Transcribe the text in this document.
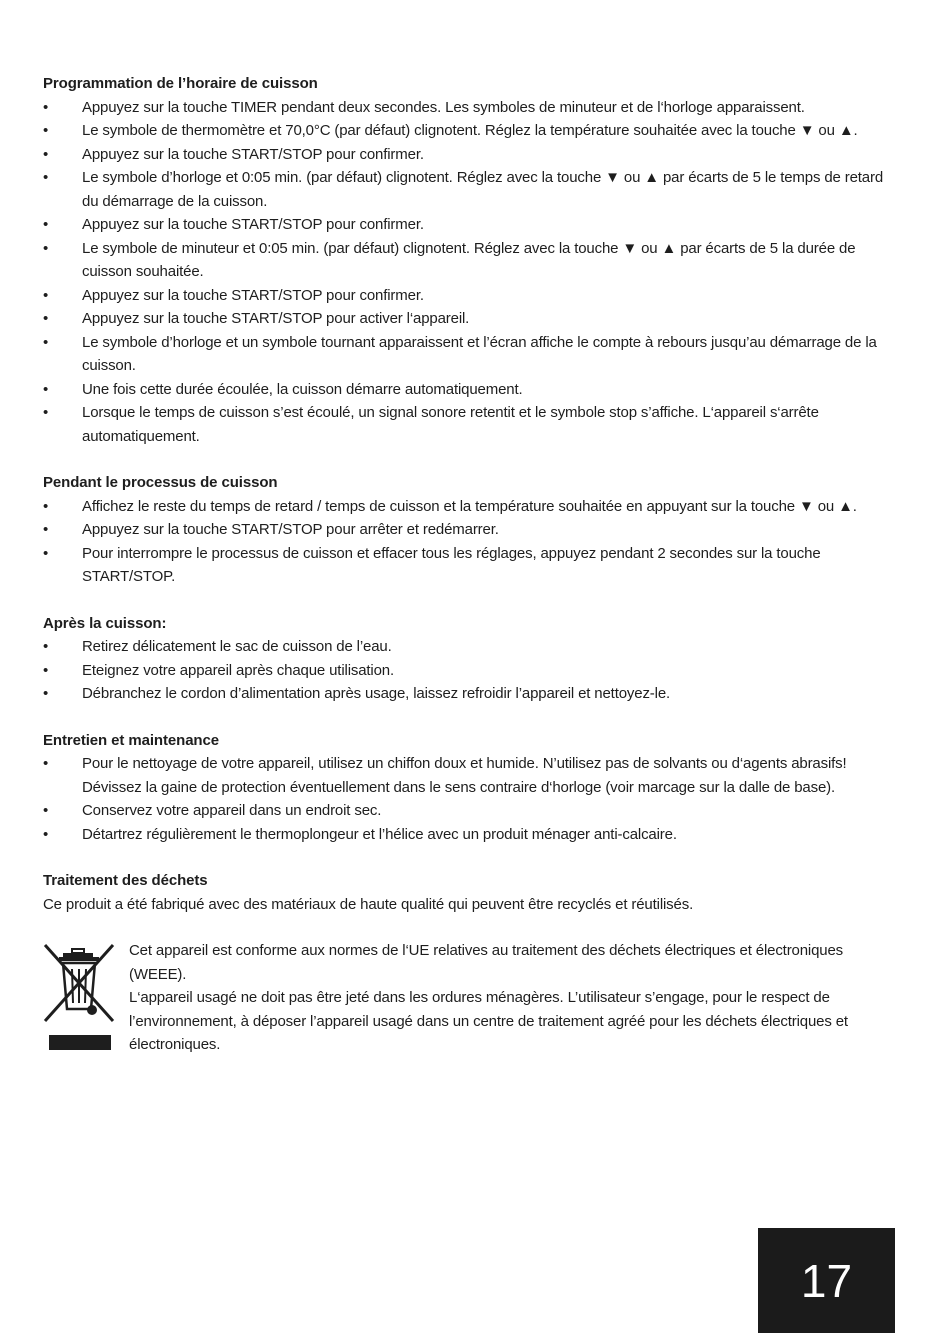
Programmation de l’horaire de cuisson
• Appuyez sur la touche TIMER pendant deux secondes. Les symboles de minuteur et de l‘horloge apparaissent.
• Le symbole de thermomètre et 70,0°C (par défaut) clignotent. Réglez la température souhaitée avec la touche ▼ ou ▲.
• Appuyez sur la touche START/STOP pour confirmer.
• Le symbole d’horloge et 0:05 min. (par défaut) clignotent. Réglez avec la touche ▼ ou ▲ par écarts de 5 le temps de retard du démarrage de la cuisson.
• Appuyez sur la touche START/STOP pour confirmer.
• Le symbole de minuteur et 0:05 min. (par défaut) clignotent. Réglez avec la touche ▼ ou ▲ par écarts de 5 la durée de cuisson souhaitée.
• Appuyez sur la touche START/STOP pour confirmer.
• Appuyez sur la touche START/STOP pour activer l‘appareil.
• Le symbole d’horloge et un symbole tournant apparaissent et l’écran affiche le compte à rebours jusqu’au démarrage de la cuisson.
• Une fois cette durée écoulée, la cuisson démarre automatiquement.
• Lorsque le temps de cuisson s’est écoulé, un signal sonore retentit et le symbole stop s’affiche. L‘appareil s‘arrête automatiquement.
Pendant le processus de cuisson
• Affichez le reste du temps de retard / temps de cuisson et la température souhaitée en appuyant sur la touche ▼ ou ▲.
• Appuyez sur la touche START/STOP pour arrêter et redémarrer.
• Pour interrompre le processus de cuisson et effacer tous les réglages, appuyez pendant 2 secondes sur la touche START/STOP.
Après la cuisson:
• Retirez délicatement le sac de cuisson de l’eau.
• Eteignez votre appareil après chaque utilisation.
• Débranchez le cordon d’alimentation après usage, laissez refroidir l’appareil et nettoyez-le.
Entretien et maintenance
• Pour le nettoyage de votre appareil, utilisez un chiffon doux et humide. N’utilisez pas de solvants ou d‘agents abrasifs! Dévissez la gaine de protection éventuellement dans le sens contraire d‘horloge (voir marcage sur la dalle de base).
• Conservez votre appareil dans un endroit sec.
• Détartrez régulièrement le thermoplongeur et l’hélice avec un produit ménager anti-calcaire.
Traitement des déchets
Ce produit a été fabriqué avec des matériaux de haute qualité qui peuvent être recyclés et réutilisés.
Cet appareil est conforme aux normes de l‘UE relatives au traitement des déchets électriques et électroniques (WEEE).
L‘appareil usagé ne doit pas être jeté dans les ordures ménagères. L’utilisateur s’engage, pour le respect de l’environnement, à déposer l’appareil usagé dans un centre de traitement agréé pour les déchets électriques et électroniques.
17
